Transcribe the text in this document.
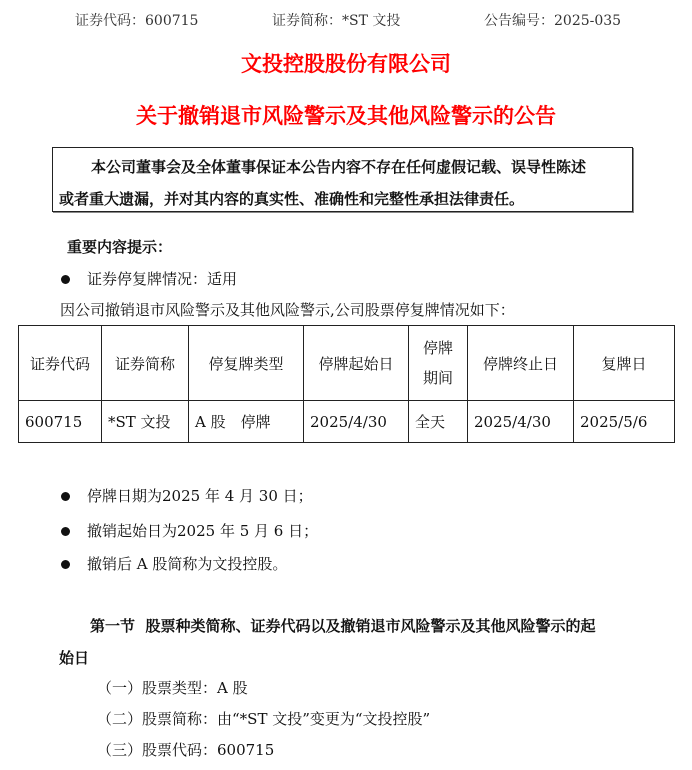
证券代码：600715	证券简称：*ST 文投	公告编号：2025-035
文投控股股份有限公司
关于撤销退市风险警示及其他风险警示的公告
本公司董事会及全体董事保证本公告内容不存在任何虚假记载、误导性陈述
或者重大遗漏，并对其内容的真实性、准确性和完整性承担法律责任。
重要内容提示：
证券停复牌情况：适用
因公司撤销退市风险警示及其他风险警示,公司股票停复牌情况如下：
证券代码	证券简称	停复牌类型	停牌起始日	停牌期间	停牌终止日	复牌日
600715	*ST 文投	A 股　停牌	2025/4/30	全天	2025/4/30	2025/5/6
停牌日期为2025 年 4 月 30 日；
撤销起始日为2025 年 5 月 6 日；
撤销后 A 股简称为文投控股。
第一节  股票种类简称、证券代码以及撤销退市风险警示及其他风险警示的起
始日
（一）股票类型：A 股
（二）股票简称：由“*ST 文投”变更为“文投控股”
（三）股票代码：600715
